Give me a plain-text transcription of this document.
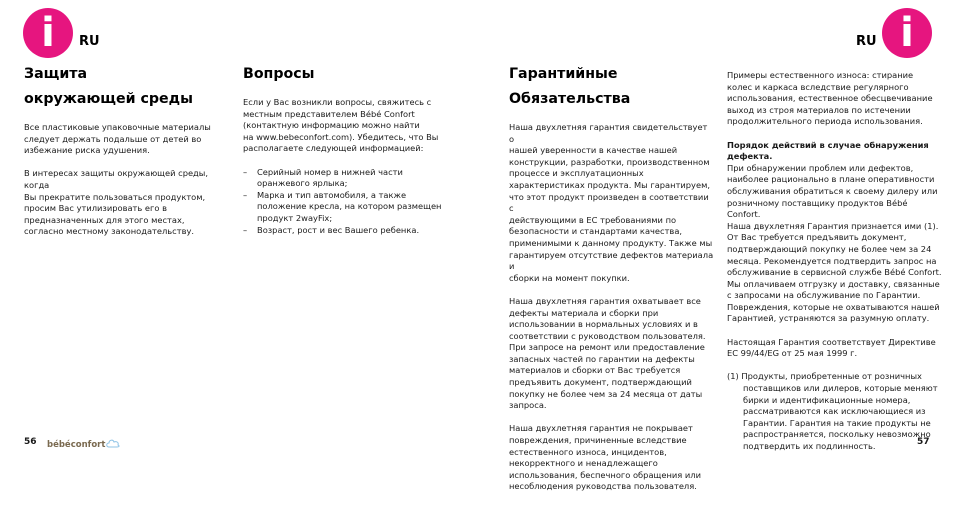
i	RU	RU i
Защита окружающей среды

Все пластиковые упаковочные материалы
следует держать подальше от детей во
избежание риска удушения.

В интересах защиты окружающей среды, когда
Вы прекратите пользоваться продуктом,
просим Вас утилизировать его в
предназначенных для этого местах,
согласно местному законодательству.

Вопросы

Если у Вас возникли вопросы, свяжитесь с
местным представителем Bébé Confort
(контактную информацию можно найти
на www.bebeconfort.com). Убедитесь, что Вы
располагаете следующей информацией:

– Серийный номер в нижней части оранжевого ярлыка;
– Марка и тип автомобиля, а также положение кресла, на котором размещен продукт 2wayFix;
– Возраст, рост и вес Вашего ребенка.
Гарантийные Обязательства

Наша двухлетняя гарантия свидетельствует о
нашей уверенности в качестве нашей
конструкции, разработки, производственном
процессе и эксплуатационных
характеристиках продукта. Мы гарантируем,
что этот продукт произведен в соответствии с
действующими в ЕС требованиями по
безопасности и стандартами качества,
применимыми к данному продукту. Также мы
гарантируем отсутствие дефектов материала и
сборки на момент покупки.

Наша двухлетняя гарантия охватывает все
дефекты материала и сборки при
использовании в нормальных условиях и в
соответствии с руководством пользователя.
При запросе на ремонт или предоставление
запасных частей по гарантии на дефекты
материалов и сборки от Вас требуется
предъявить документ, подтверждающий
покупку не более чем за 24 месяца от даты
запроса.

Наша двухлетняя гарантия не покрывает
повреждения, причиненные вследствие
естественного износа, инцидентов,
некорректного и ненадлежащего
использования, беспечного обращения или
несоблюдения руководства пользователя.

Примеры естественного износа: стирание
колес и каркаса вследствие регулярного
использования, естественное обесцвечивание
выход из строя материалов по истечении
продолжительного периода использования.

Порядок действий в случае обнаружения
дефекта.

При обнаружении проблем или дефектов,
наиболее рационально в плане оперативности
обслуживания обратиться к своему дилеру или
розничному поставщику продуктов Bébé Confort.
Наша двухлетняя Гарантия признается ими (1).
От Вас требуется предъявить документ,
подтверждающий покупку не более чем за 24
месяца. Рекомендуется подтвердить запрос на
обслуживание в сервисной службе Bébé Confort.
Мы оплачиваем отгрузку и доставку, связанные
с запросами на обслуживание по Гарантии.
Повреждения, которые не охватываются нашей
Гарантией, устраняются за разумную оплату.

Настоящая Гарантия соответствует Директиве
ЕС 99/44/EG от 25 мая 1999 г.

(1) Продукты, приобретенные от розничных
поставщиков или дилеров, которые меняют
бирки и идентификационные номера,
рассматриваются как исключающиеся из
Гарантии. Гарантия на такие продукты не
распространяется, поскольку невозможно
подтвердить их подлинность.

56 bébéconfort	57
